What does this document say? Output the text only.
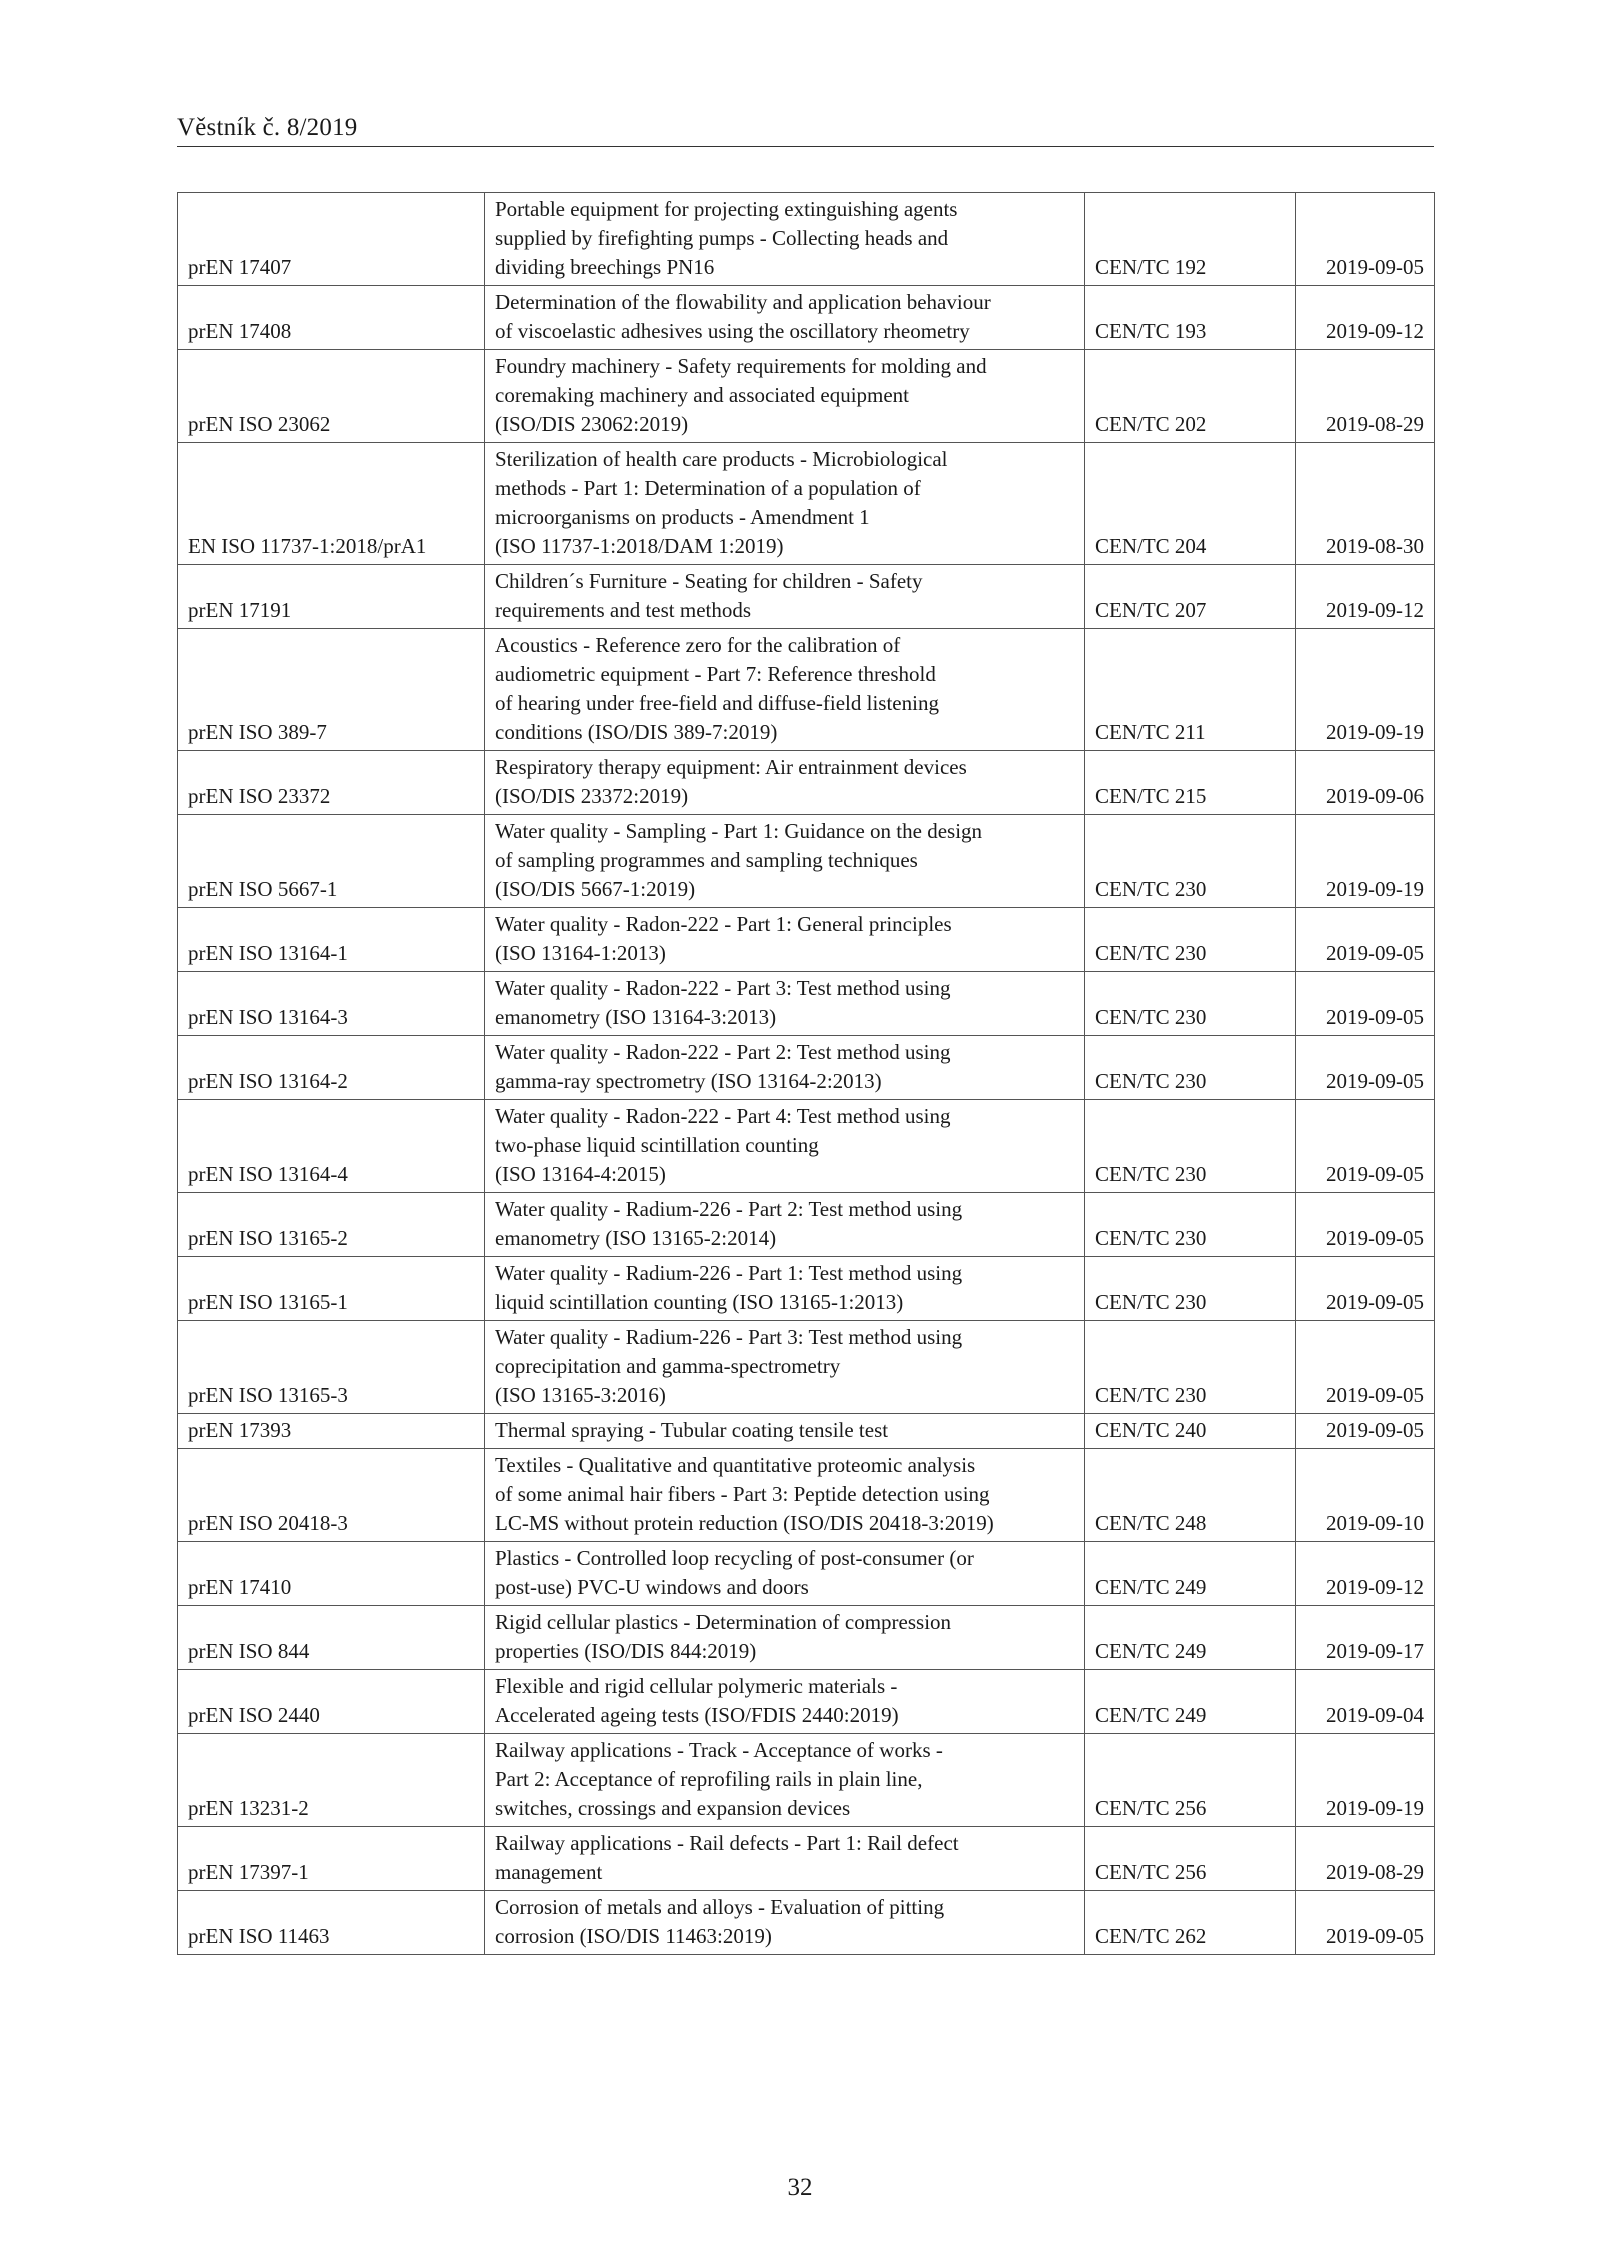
Věstník č. 8/2019
prEN 17407	Portable equipment for projecting extinguishing agents
supplied by firefighting pumps - Collecting heads and
dividing breechings PN16	CEN/TC 192	2019-09-05
prEN 17408	Determination of the flowability and application behaviour
of viscoelastic adhesives using the oscillatory rheometry	CEN/TC 193	2019-09-12
prEN ISO 23062	Foundry machinery - Safety requirements for molding and
coremaking machinery and associated equipment
(ISO/DIS 23062:2019)	CEN/TC 202	2019-08-29
EN ISO 11737-1:2018/prA1	Sterilization of health care products - Microbiological
methods - Part 1: Determination of a population of
microorganisms on products - Amendment 1
(ISO 11737-1:2018/DAM 1:2019)	CEN/TC 204	2019-08-30
prEN 17191	Children´s Furniture - Seating for children - Safety
requirements and test methods	CEN/TC 207	2019-09-12
prEN ISO 389-7	Acoustics - Reference zero for the calibration of
audiometric equipment - Part 7: Reference threshold
of hearing under free-field and diffuse-field listening
conditions (ISO/DIS 389-7:2019)	CEN/TC 211	2019-09-19
prEN ISO 23372	Respiratory therapy equipment: Air entrainment devices
(ISO/DIS 23372:2019)	CEN/TC 215	2019-09-06
prEN ISO 5667-1	Water quality - Sampling - Part 1: Guidance on the design
of sampling programmes and sampling techniques
(ISO/DIS 5667-1:2019)	CEN/TC 230	2019-09-19
prEN ISO 13164-1	Water quality - Radon-222 - Part 1: General principles
(ISO 13164-1:2013)	CEN/TC 230	2019-09-05
prEN ISO 13164-3	Water quality - Radon-222 - Part 3: Test method using
emanometry (ISO 13164-3:2013)	CEN/TC 230	2019-09-05
prEN ISO 13164-2	Water quality - Radon-222 - Part 2: Test method using
gamma-ray spectrometry (ISO 13164-2:2013)	CEN/TC 230	2019-09-05
prEN ISO 13164-4	Water quality - Radon-222 - Part 4: Test method using
two-phase liquid scintillation counting
(ISO 13164-4:2015)	CEN/TC 230	2019-09-05
prEN ISO 13165-2	Water quality - Radium-226 - Part 2: Test method using
emanometry (ISO 13165-2:2014)	CEN/TC 230	2019-09-05
prEN ISO 13165-1	Water quality - Radium-226 - Part 1: Test method using
liquid scintillation counting (ISO 13165-1:2013)	CEN/TC 230	2019-09-05
prEN ISO 13165-3	Water quality - Radium-226 - Part 3: Test method using
coprecipitation and gamma-spectrometry
(ISO 13165-3:2016)	CEN/TC 230	2019-09-05
prEN 17393	Thermal spraying - Tubular coating tensile test	CEN/TC 240	2019-09-05
prEN ISO 20418-3	Textiles - Qualitative and quantitative proteomic analysis
of some animal hair fibers - Part 3: Peptide detection using
LC-MS without protein reduction (ISO/DIS 20418-3:2019)	CEN/TC 248	2019-09-10
prEN 17410	Plastics - Controlled loop recycling of post-consumer (or
post-use) PVC-U windows and doors	CEN/TC 249	2019-09-12
prEN ISO 844	Rigid cellular plastics - Determination of compression
properties (ISO/DIS 844:2019)	CEN/TC 249	2019-09-17
prEN ISO 2440	Flexible and rigid cellular polymeric materials -
Accelerated ageing tests (ISO/FDIS 2440:2019)	CEN/TC 249	2019-09-04
prEN 13231-2	Railway applications - Track - Acceptance of works -
Part 2: Acceptance of reprofiling rails in plain line,
switches, crossings and expansion devices	CEN/TC 256	2019-09-19
prEN 17397-1	Railway applications - Rail defects - Part 1: Rail defect
management	CEN/TC 256	2019-08-29
prEN ISO 11463	Corrosion of metals and alloys - Evaluation of pitting
corrosion (ISO/DIS 11463:2019)	CEN/TC 262	2019-09-05
32
